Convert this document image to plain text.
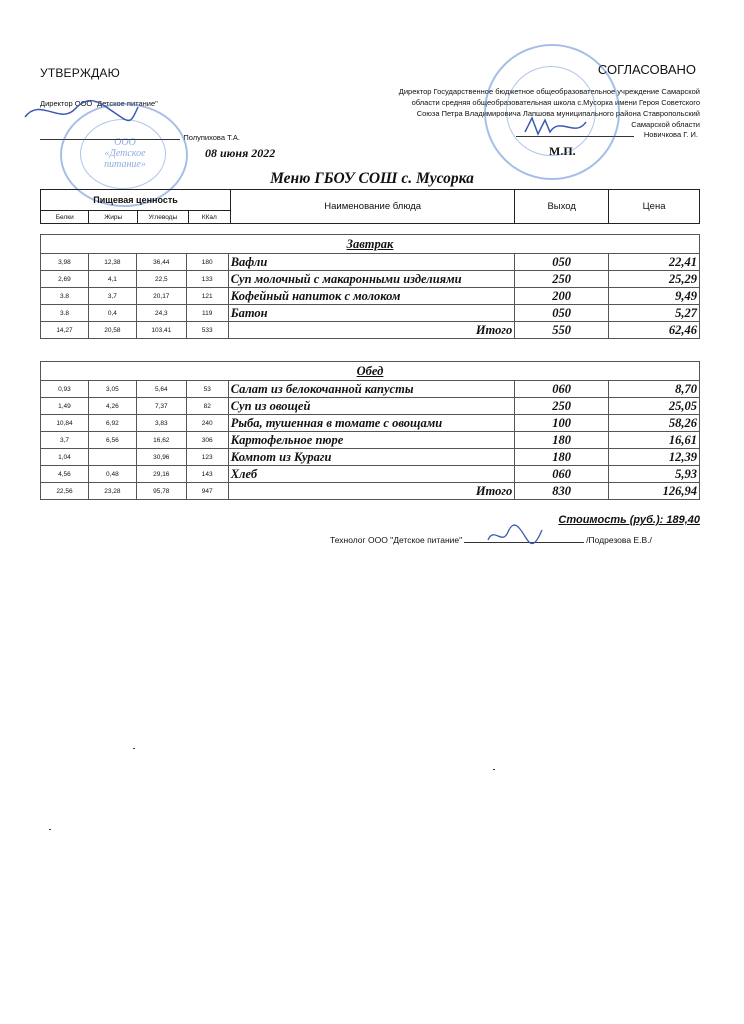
УТВЕРЖДАЮ
Директор ООО "Детское питание"
Полупихова Т.А.
08 июня 2022
ООО «Детское питание»
СОГЛАСОВАНО
Директор Государственное бюджетное общеобразовательное учреждение Самарской области средняя общеобразовательная школа с.Мусорка имени Героя Советского Союза Петра Владимировича Лапшова муниципального района Ставропольский Самарской области
Новичкова Г. И.
М.П.
Меню ГБОУ СОШ с. Мусорка
Пищевая ценность				Наименование блюда	Выход	Цена
Белки	Жиры	Углеводы	ККал			
Завтрак						
3,98	12,38	36,44	180	Вафли	050	22,41
2,69	4,1	22,5	133	Суп молочный с макаронными изделиями	250	25,29
3.8	3,7	20,17	121	Кофейный напиток с молоком	200	9,49
3.8	0,4	24,3	119	Батон	050	5,27
14,27	20,58	103,41	533	Итого	550	62,46
Обед						
0,93	3,05	5,64	53	Салат из белокочанной капусты	060	8,70
1,49	4,26	7,37	82	Суп из овощей	250	25,05
10,84	6,92	3,83	240	Рыба, тушенная в томате с овощами	100	58,26
3,7	6,56	16,62	306	Картофельное пюре	180	16,61
1,04		30,96	123	Компот из Кураги	180	12,39
4,56	0,48	29,16	143	Хлеб	060	5,93
22,56	23,28	95,78	947	Итого	830	126,94
Стоимость (руб.): 189,40
Технолог ООО "Детское питание"	/Подрезова Е.В./
